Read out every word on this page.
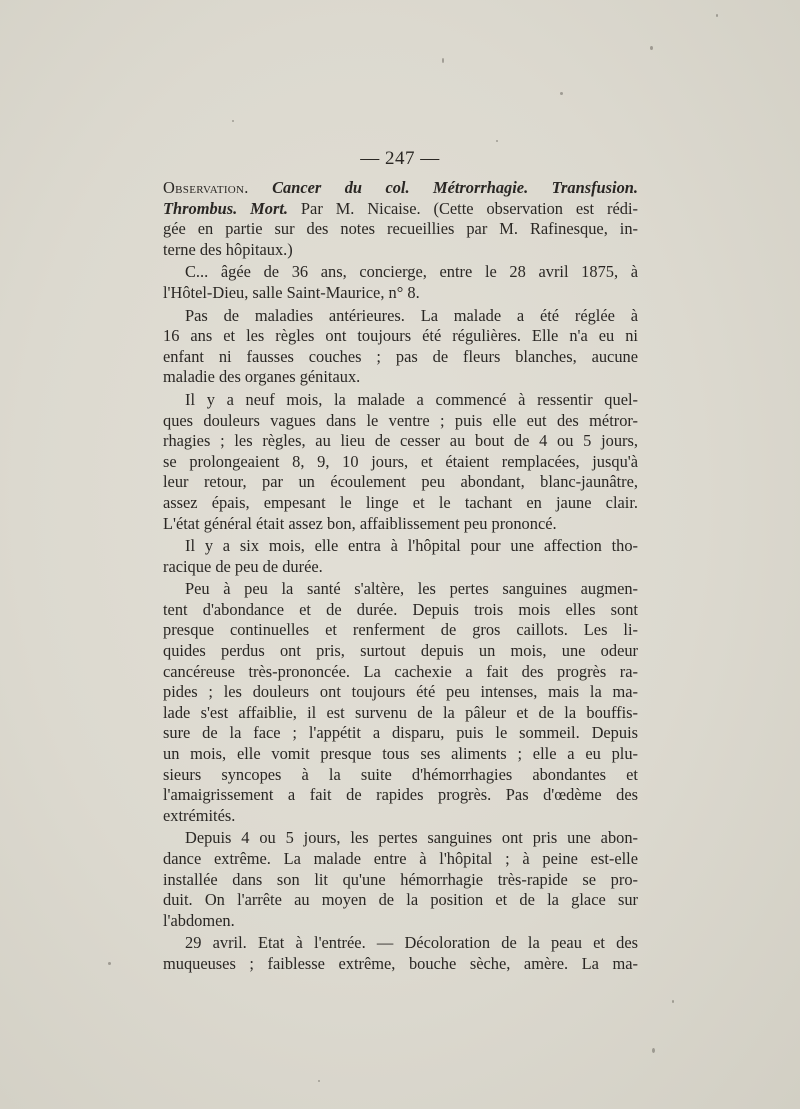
— 247 —
Observation. Cancer du col. Métrorrhagie. Transfusion.
Thrombus. Mort. Par M. Nicaise. (Cette observation est rédi-
gée en partie sur des notes recueillies par M. Rafinesque, in-
terne des hôpitaux.)
C... âgée de 36 ans, concierge, entre le 28 avril 1875, à
l'Hôtel-Dieu, salle Saint-Maurice, n° 8.
Pas de maladies antérieures. La malade a été réglée à
16 ans et les règles ont toujours été régulières. Elle n'a eu ni
enfant ni fausses couches ; pas de fleurs blanches, aucune
maladie des organes génitaux.
Il y a neuf mois, la malade a commencé à ressentir quel-
ques douleurs vagues dans le ventre ; puis elle eut des métror-
rhagies ; les règles, au lieu de cesser au bout de 4 ou 5 jours,
se prolongeaient 8, 9, 10 jours, et étaient remplacées, jusqu'à
leur retour, par un écoulement peu abondant, blanc-jaunâtre,
assez épais, empesant le linge et le tachant en jaune clair.
L'état général était assez bon, affaiblissement peu prononcé.
Il y a six mois, elle entra à l'hôpital pour une affection tho-
racique de peu de durée.
Peu à peu la santé s'altère, les pertes sanguines augmen-
tent d'abondance et de durée. Depuis trois mois elles sont
presque continuelles et renferment de gros caillots. Les li-
quides perdus ont pris, surtout depuis un mois, une odeur
cancéreuse très-prononcée. La cachexie a fait des progrès ra-
pides ; les douleurs ont toujours été peu intenses, mais la ma-
lade s'est affaiblie, il est survenu de la pâleur et de la bouffis-
sure de la face ; l'appétit a disparu, puis le sommeil. Depuis
un mois, elle vomit presque tous ses aliments ; elle a eu plu-
sieurs syncopes à la suite d'hémorrhagies abondantes et
l'amaigrissement a fait de rapides progrès. Pas d'œdème des
extrémités.
Depuis 4 ou 5 jours, les pertes sanguines ont pris une abon-
dance extrême. La malade entre à l'hôpital ; à peine est-elle
installée dans son lit qu'une hémorrhagie très-rapide se pro-
duit. On l'arrête au moyen de la position et de la glace sur
l'abdomen.
29 avril. Etat à l'entrée. — Décoloration de la peau et des
muqueuses ; faiblesse extrême, bouche sèche, amère. La ma-
